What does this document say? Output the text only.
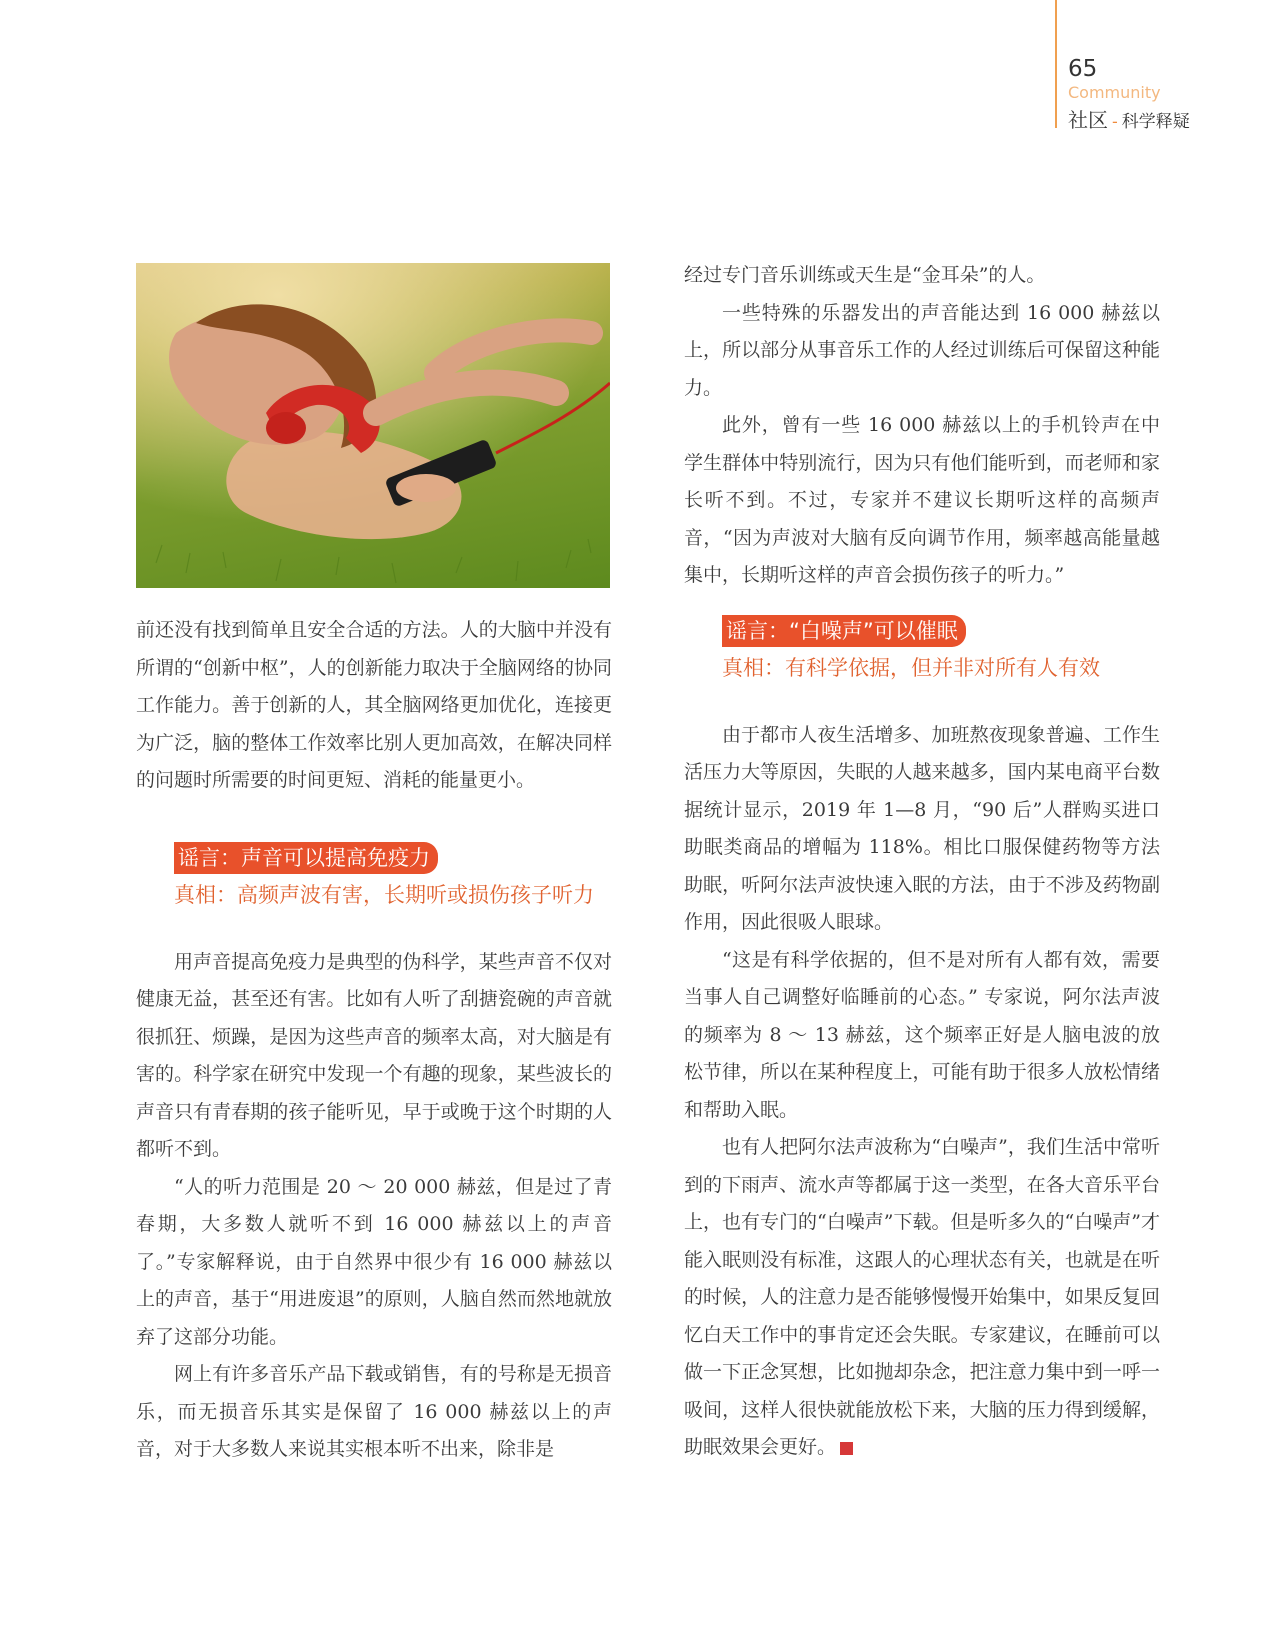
65
Community
社区 - 科学释疑

前还没有找到简单且安全合适的方法。人的大脑中并没有所谓的“创新中枢”，人的创新能力取决于全脑网络的协同工作能力。善于创新的人，其全脑网络更加优化，连接更为广泛，脑的整体工作效率比别人更加高效，在解决同样的问题时所需要的时间更短、消耗的能量更小。

谣言：声音可以提高免疫力
真相：高频声波有害，长期听或损伤孩子听力

用声音提高免疫力是典型的伪科学，某些声音不仅对健康无益，甚至还有害。比如有人听了刮搪瓷碗的声音就很抓狂、烦躁，是因为这些声音的频率太高，对大脑是有害的。科学家在研究中发现一个有趣的现象，某些波长的声音只有青春期的孩子能听见，早于或晚于这个时期的人都听不到。

“人的听力范围是 20 ～ 20 000 赫兹，但是过了青春期，大多数人就听不到 16 000 赫兹以上的声音了。”专家解释说，由于自然界中很少有 16 000 赫兹以上的声音，基于“用进废退”的原则，人脑自然而然地就放弃了这部分功能。

网上有许多音乐产品下载或销售，有的号称是无损音乐，而无损音乐其实是保留了 16 000 赫兹以上的声音，对于大多数人来说其实根本听不出来，除非是

经过专门音乐训练或天生是“金耳朵”的人。

一些特殊的乐器发出的声音能达到 16 000 赫兹以上，所以部分从事音乐工作的人经过训练后可保留这种能力。

此外，曾有一些 16 000 赫兹以上的手机铃声在中学生群体中特别流行，因为只有他们能听到，而老师和家长听不到。不过，专家并不建议长期听这样的高频声音，“因为声波对大脑有反向调节作用，频率越高能量越集中，长期听这样的声音会损伤孩子的听力。”

谣言：“白噪声”可以催眠
真相：有科学依据，但并非对所有人有效

由于都市人夜生活增多、加班熬夜现象普遍、工作生活压力大等原因，失眠的人越来越多，国内某电商平台数据统计显示，2019 年 1—8 月，“90 后”人群购买进口助眠类商品的增幅为 118%。相比口服保健药物等方法助眠，听阿尔法声波快速入眠的方法，由于不涉及药物副作用，因此很吸人眼球。

“这是有科学依据的，但不是对所有人都有效，需要当事人自己调整好临睡前的心态。” 专家说，阿尔法声波的频率为 8 ～ 13 赫兹，这个频率正好是人脑电波的放松节律，所以在某种程度上，可能有助于很多人放松情绪和帮助入眠。

也有人把阿尔法声波称为“白噪声”，我们生活中常听到的下雨声、流水声等都属于这一类型，在各大音乐平台上，也有专门的“白噪声”下载。但是听多久的“白噪声”才能入眠则没有标准，这跟人的心理状态有关，也就是在听的时候，人的注意力是否能够慢慢开始集中，如果反复回忆白天工作中的事肯定还会失眠。专家建议，在睡前可以做一下正念冥想，比如抛却杂念，把注意力集中到一呼一吸间，这样人很快就能放松下来，大脑的压力得到缓解，助眠效果会更好。	S
